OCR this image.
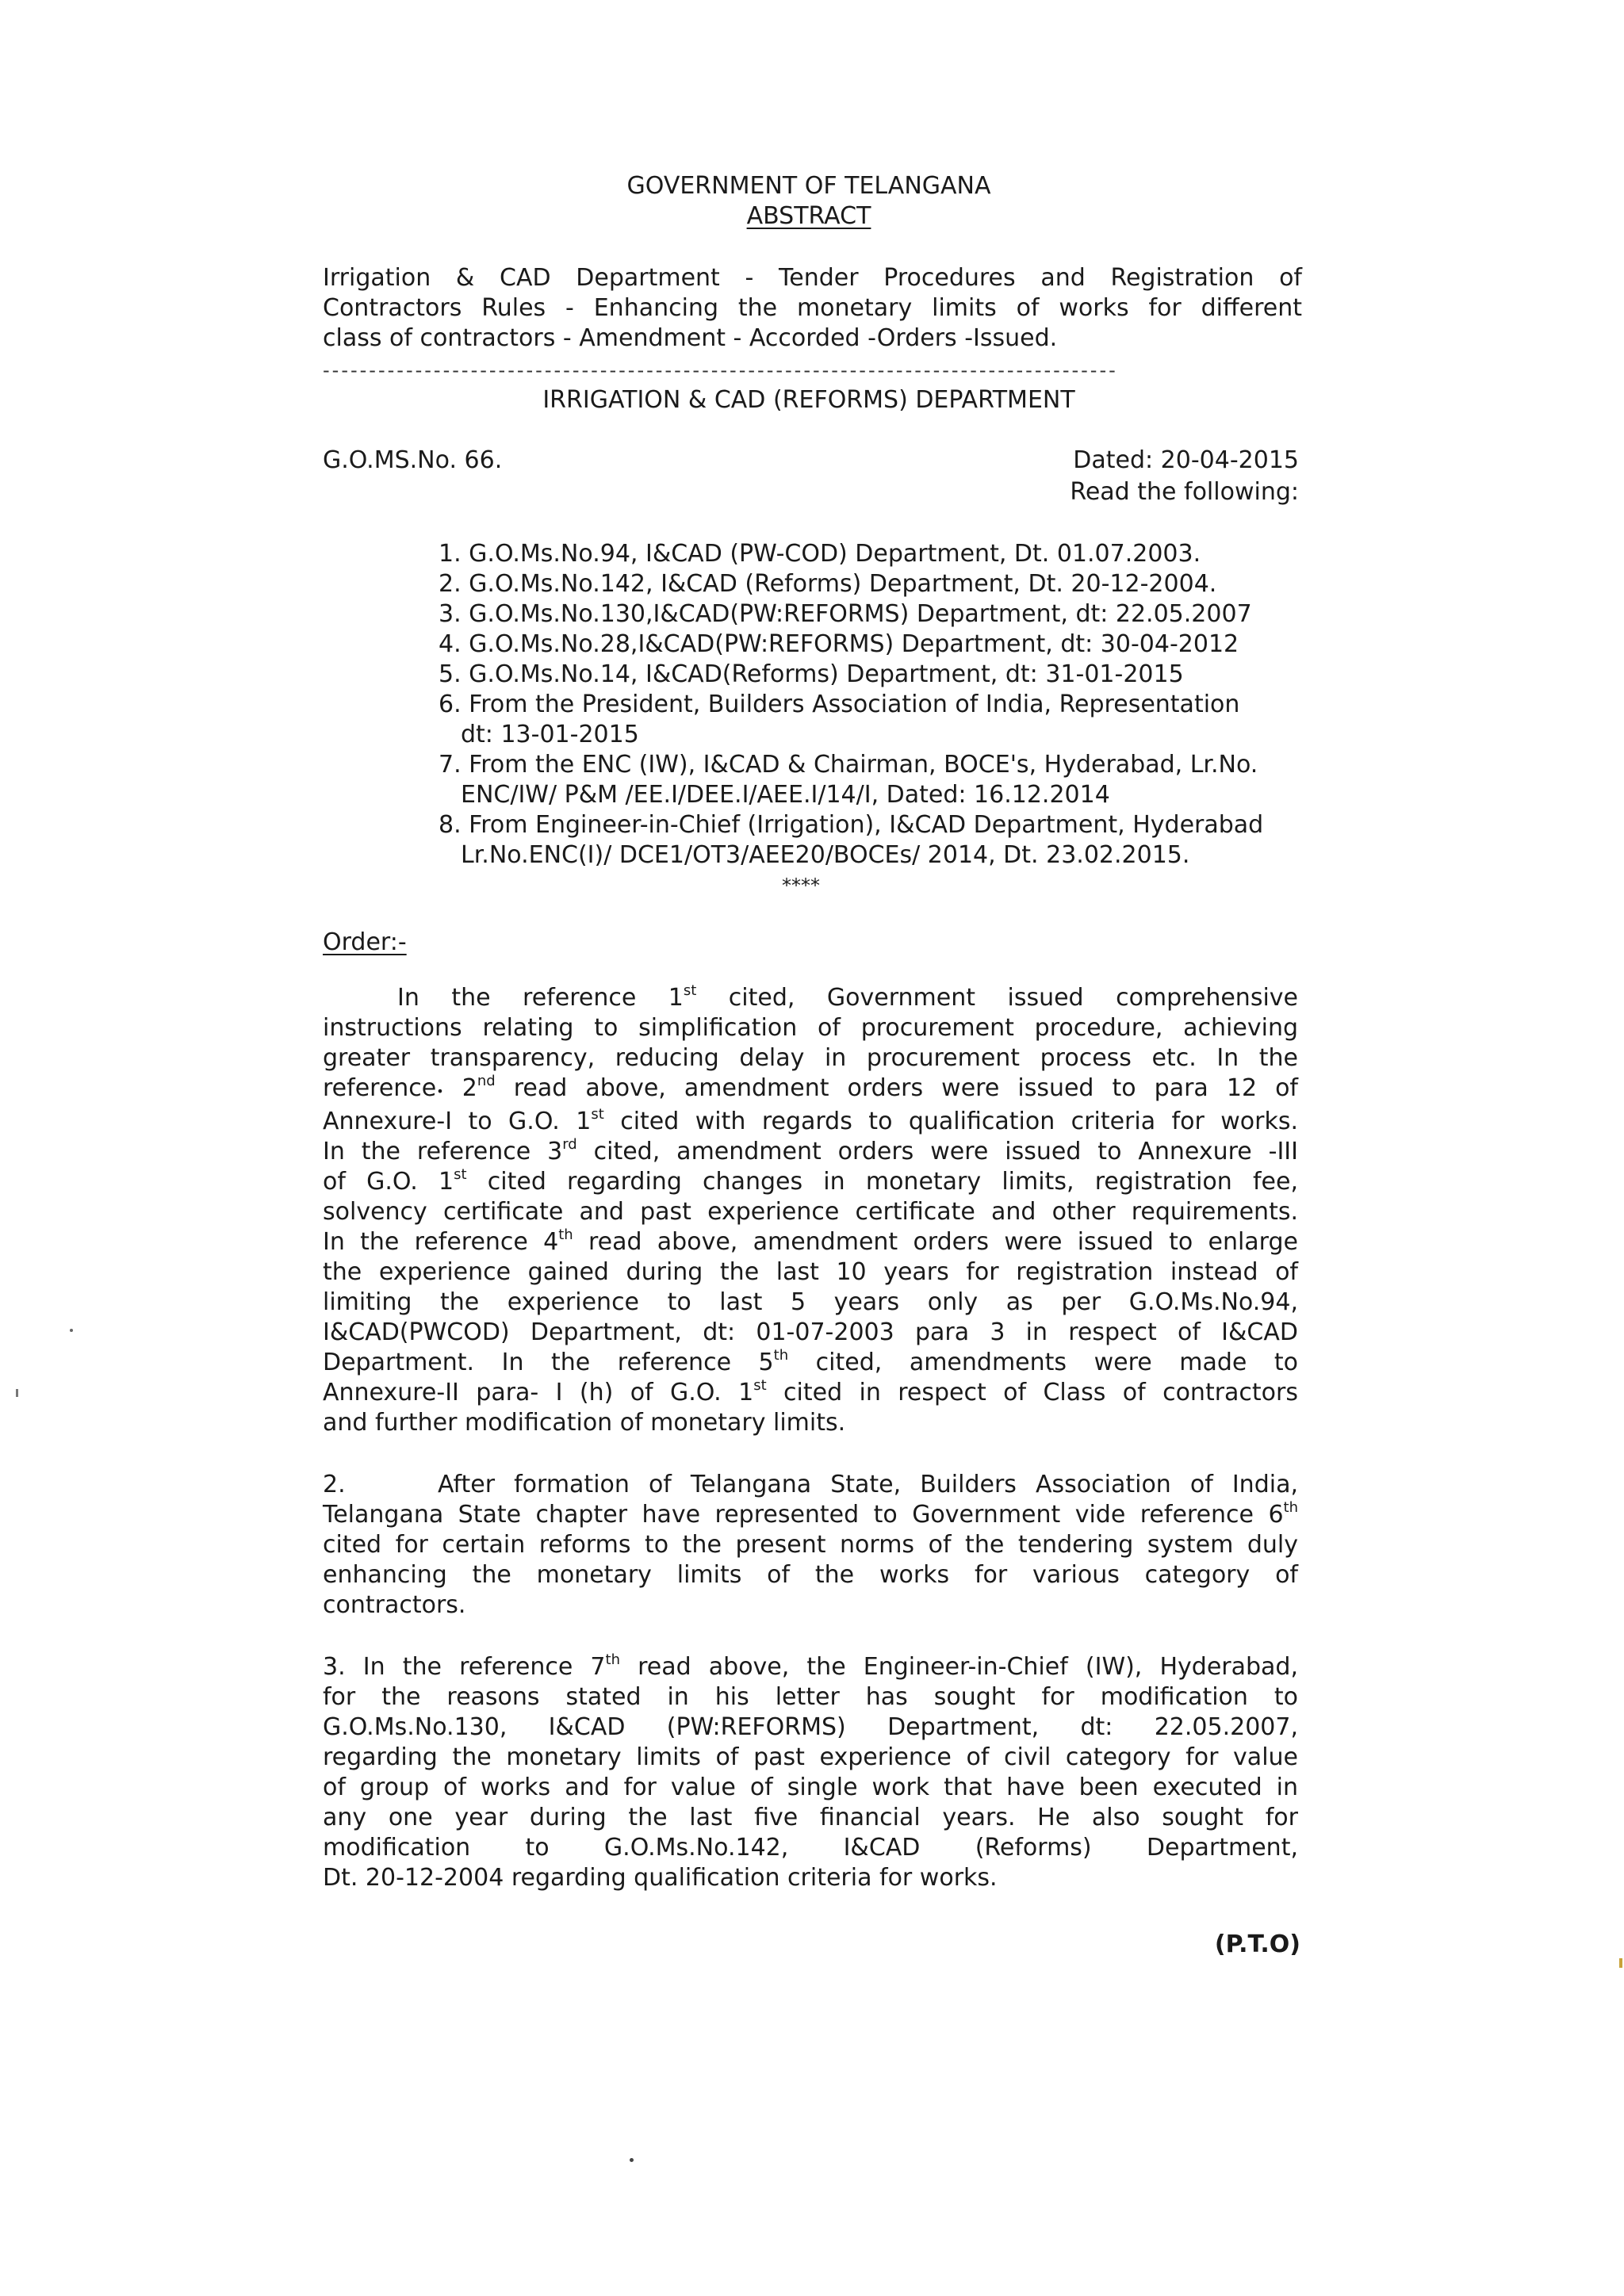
GOVERNMENT OF TELANGANA
ABSTRACT
Irrigation & CAD Department - Tender Procedures and Registration of
Contractors Rules - Enhancing the monetary limits of works for different
class of contractors - Amendment - Accorded -Orders -Issued.
--------------------------------------------------------------------------------------
IRRIGATION & CAD (REFORMS) DEPARTMENT
G.O.MS.No. 66.	Dated: 20-04-2015
Read the following:
1. G.O.Ms.No.94, I&CAD (PW-COD) Department, Dt. 01.07.2003.
2. G.O.Ms.No.142, I&CAD (Reforms) Department, Dt. 20-12-2004.
3. G.O.Ms.No.130,I&CAD(PW:REFORMS) Department, dt: 22.05.2007
4. G.O.Ms.No.28,I&CAD(PW:REFORMS) Department, dt: 30-04-2012
5. G.O.Ms.No.14, I&CAD(Reforms) Department, dt: 31-01-2015
6. From the President, Builders Association of India, Representation
dt: 13-01-2015
7. From the ENC (IW), I&CAD & Chairman, BOCE's, Hyderabad, Lr.No.
ENC/IW/ P&M /EE.I/DEE.I/AEE.I/14/I, Dated: 16.12.2014
8. From Engineer-in-Chief (Irrigation), I&CAD Department, Hyderabad
Lr.No.ENC(I)/ DCE1/OT3/AEE20/BOCEs/ 2014, Dt. 23.02.2015.
****
Order:-
In the reference 1st cited, Government issued comprehensive
instructions relating to simplification of procurement procedure, achieving
greater transparency, reducing delay in procurement process etc. In the
reference• 2nd read above, amendment orders were issued to para 12 of
Annexure-I to G.O. 1st cited with regards to qualification criteria for works.
In the reference 3rd cited, amendment orders were issued to Annexure -III
of G.O. 1st cited regarding changes in monetary limits, registration fee,
solvency certificate and past experience certificate and other requirements.
In the reference 4th read above, amendment orders were issued to enlarge
the experience gained during the last 10 years for registration instead of
limiting the experience to last 5 years only as per G.O.Ms.No.94,
I&CAD(PWCOD) Department, dt: 01-07-2003 para 3 in respect of I&CAD
Department. In the reference 5th cited, amendments were made to
Annexure-II para- I (h) of G.O. 1st cited in respect of Class of contractors
and further modification of monetary limits.
2.	After formation of Telangana State, Builders Association of India,
Telangana State chapter have represented to Government vide reference 6th
cited for certain reforms to the present norms of the tendering system duly
enhancing the monetary limits of the works for various category of
contractors.
3. In the reference 7th read above, the Engineer-in-Chief (IW), Hyderabad,
for the reasons stated in his letter has sought for modification to
G.O.Ms.No.130, I&CAD (PW:REFORMS) Department, dt: 22.05.2007,
regarding the monetary limits of past experience of civil category for value
of group of works and for value of single work that have been executed in
any one year during the last five financial years. He also sought for
modification to G.O.Ms.No.142, I&CAD (Reforms) Department,
Dt. 20-12-2004 regarding qualification criteria for works.
(P.T.O)
